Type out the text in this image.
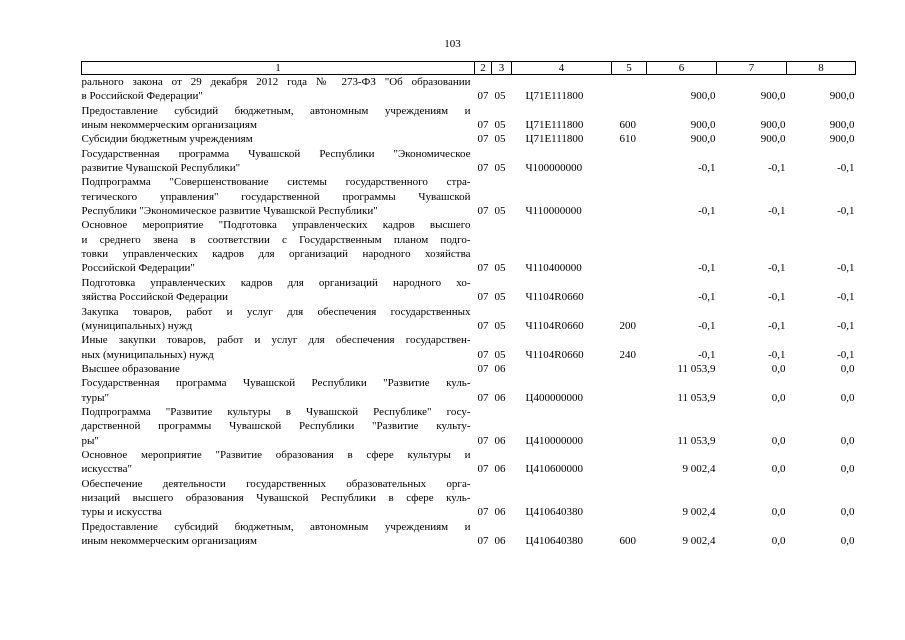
103
1	2	3	4	5	6	7	8

рального закона от 29 декабря 2012 года № 273-ФЗ "Об образовании
в Российской Федерации"	07	05	Ц71Е111800		900,0	900,0	900,0

Предоставление субсидий бюджетным, автономным учреждениям и
иным некоммерческим организациям	07	05	Ц71Е111800	600	900,0	900,0	900,0

Субсидии бюджетным учреждениям	07	05	Ц71Е111800	610	900,0	900,0	900,0

Государственная программа Чувашской Республики "Экономическое
развитие Чувашской Республики"	07	05	Ч100000000		-0,1	-0,1	-0,1

Подпрограмма "Совершенствование системы государственного стра-
тегического управления" государственной программы Чувашской
Республики "Экономическое развитие Чувашской Республики"	07	05	Ч110000000		-0,1	-0,1	-0,1

Основное мероприятие "Подготовка управленческих кадров высшего
и среднего звена в соответствии с Государственным планом подго-
товки управленческих кадров для организаций народного хозяйства
Российской Федерации"	07	05	Ч110400000		-0,1	-0,1	-0,1

Подготовка управленческих кадров для организаций народного хо-
зяйства Российской Федерации	07	05	Ч1104R0660		-0,1	-0,1	-0,1

Закупка товаров, работ и услуг для обеспечения государственных
(муниципальных) нужд	07	05	Ч1104R0660	200	-0,1	-0,1	-0,1

Иные закупки товаров, работ и услуг для обеспечения государствен-
ных (муниципальных) нужд	07	05	Ч1104R0660	240	-0,1	-0,1	-0,1

Высшее образование	07	06			11 053,9	0,0	0,0

Государственная программа Чувашской Республики "Развитие куль-
туры"	07	06	Ц400000000		11 053,9	0,0	0,0

Подпрограмма "Развитие культуры в Чувашской Республике" госу-
дарственной программы Чувашской Республики "Развитие культу-
ры"	07	06	Ц410000000		11 053,9	0,0	0,0

Основное мероприятие "Развитие образования в сфере культуры и
искусства"	07	06	Ц410600000		9 002,4	0,0	0,0

Обеспечение деятельности государственных образовательных орга-
низаций высшего образования Чувашской Республики в сфере куль-
туры и искусства	07	06	Ц410640380		9 002,4	0,0	0,0

Предоставление субсидий бюджетным, автономным учреждениям и
иным некоммерческим организациям	07	06	Ц410640380	600	9 002,4	0,0	0,0
